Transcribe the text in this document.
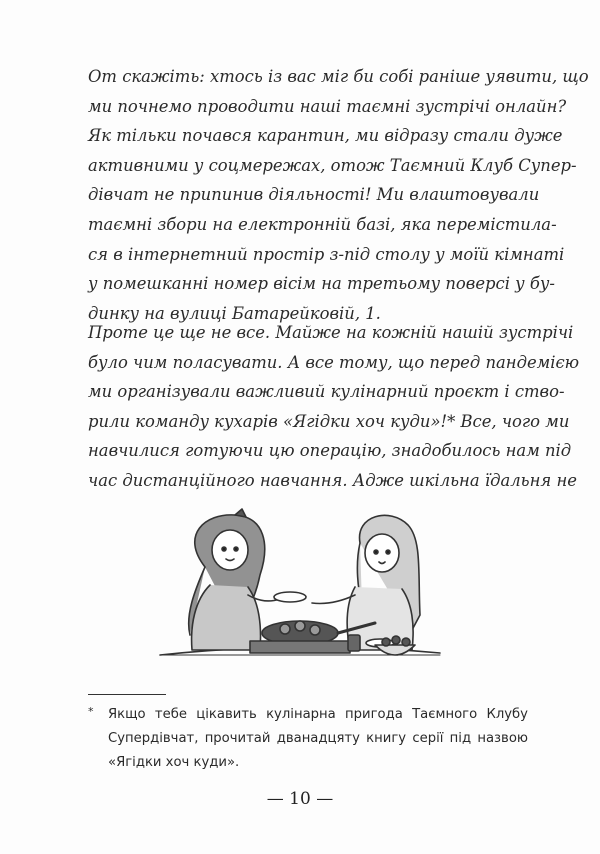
От скажіть: хтось із вас міг би собі раніше уявити, що
ми почнемо проводити наші таємні зустрічі онлайн?
Як тільки почався карантин, ми відразу стали дуже
активними у соцмережах, отож Таємний Клуб Супер-
дівчат не припинив діяльності! Ми влаштовували
таємні збори на електронній базі, яка перемістила-
ся в інтернетний простір з-під столу у моїй кімнаті
у помешканні номер вісім на третьому поверсі у бу-
динку на вулиці Батарейковій, 1.

Проте це ще не все. Майже на кожній нашій зустрічі
було чим поласувати. А все тому, що перед пандемією
ми організували важливий кулінарний проєкт і ство-
рили команду кухарів «Ягідки хоч куди»!* Все, чого ми
навчилися готуючи цю операцію, знадобилось нам під
час дистанційного навчання. Адже шкільна їдальня не

*	Якщо тебе цікавить кулінарна пригода Таємного Клубу
Супердівчат, прочитай дванадцяту книгу серії під назвою
«Ягідки хоч куди».
— 10 —
